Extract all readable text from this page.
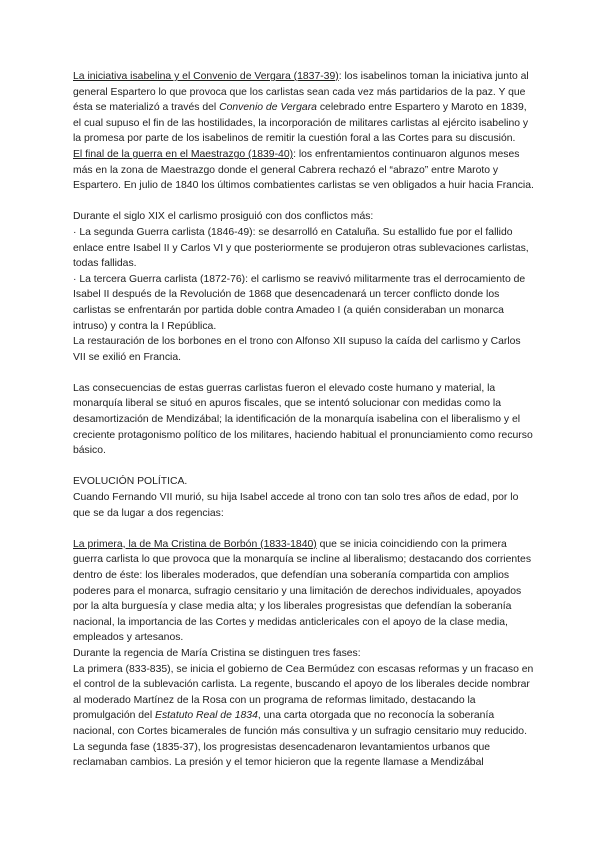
La iniciativa isabelina y el Convenio de Vergara (1837-39): los isabelinos toman la iniciativa junto al general Espartero lo que provoca que los carlistas sean cada vez más partidarios de la paz. Y que ésta se materializó a través del Convenio de Vergara celebrado entre Espartero y Maroto en 1839, el cual supuso el fin de las hostilidades, la incorporación de militares carlistas al ejército isabelino y la promesa por parte de los isabelinos de remitir la cuestión foral a las Cortes para su discusión.

El final de la guerra en el Maestrazgo (1839-40): los enfrentamientos continuaron algunos meses más en la zona de Maestrazgo donde el general Cabrera rechazó el “abrazo” entre Maroto y Espartero. En julio de 1840 los últimos combatientes carlistas se ven obligados a huir hacia Francia.

Durante el siglo XIX el carlismo prosiguió con dos conflictos más:

· La segunda Guerra carlista (1846-49): se desarrolló en Cataluña. Su estallido fue por el fallido enlace entre Isabel II y Carlos VI y que posteriormente se produjeron otras sublevaciones carlistas, todas fallidas.

· La tercera Guerra carlista (1872-76): el carlismo se reavivó militarmente tras el derrocamiento de Isabel II después de la Revolución de 1868 que desencadenará un tercer conflicto donde los carlistas se enfrentarán por partida doble contra Amadeo I (a quién consideraban un monarca intruso) y contra la I República.

La restauración de los borbones en el trono con Alfonso XII supuso la caída del carlismo y Carlos VII se exilió en Francia.

Las consecuencias de estas guerras carlistas fueron el elevado coste humano y material, la monarquía liberal se situó en apuros fiscales, que se intentó solucionar con medidas como la desamortización de Mendizábal; la identificación de la monarquía isabelina con el liberalismo y el creciente protagonismo político de los militares, haciendo habitual el pronunciamiento como recurso básico.

EVOLUCIÓN POLÍTICA.

Cuando Fernando VII murió, su hija Isabel accede al trono con tan solo tres años de edad, por lo que se da lugar a dos regencias:

La primera, la de Ma Cristina de Borbón (1833-1840) que se inicia coincidiendo con la primera guerra carlista lo que provoca que la monarquía se incline al liberalismo; destacando dos corrientes dentro de éste: los liberales moderados, que defendían una soberanía compartida con amplios poderes para el monarca, sufragio censitario y una limitación de derechos individuales, apoyados por la alta burguesía y clase media alta; y los liberales progresistas que defendían la soberanía nacional, la importancia de las Cortes y medidas anticlericales con el apoyo de la clase media, empleados y artesanos.

Durante la regencia de María Cristina se distinguen tres fases:

La primera (833-835), se inicia el gobierno de Cea Bermúdez con escasas reformas y un fracaso en el control de la sublevación carlista. La regente, buscando el apoyo de los liberales decide nombrar al moderado Martínez de la Rosa con un programa de reformas limitado, destacando la promulgación del Estatuto Real de 1834, una carta otorgada que no reconocía la soberanía nacional, con Cortes bicamerales de función más consultiva y un sufragio censitario muy reducido.

La segunda fase (1835-37), los progresistas desencadenaron levantamientos urbanos que reclamaban cambios. La presión y el temor hicieron que la regente llamase a Mendizábal
